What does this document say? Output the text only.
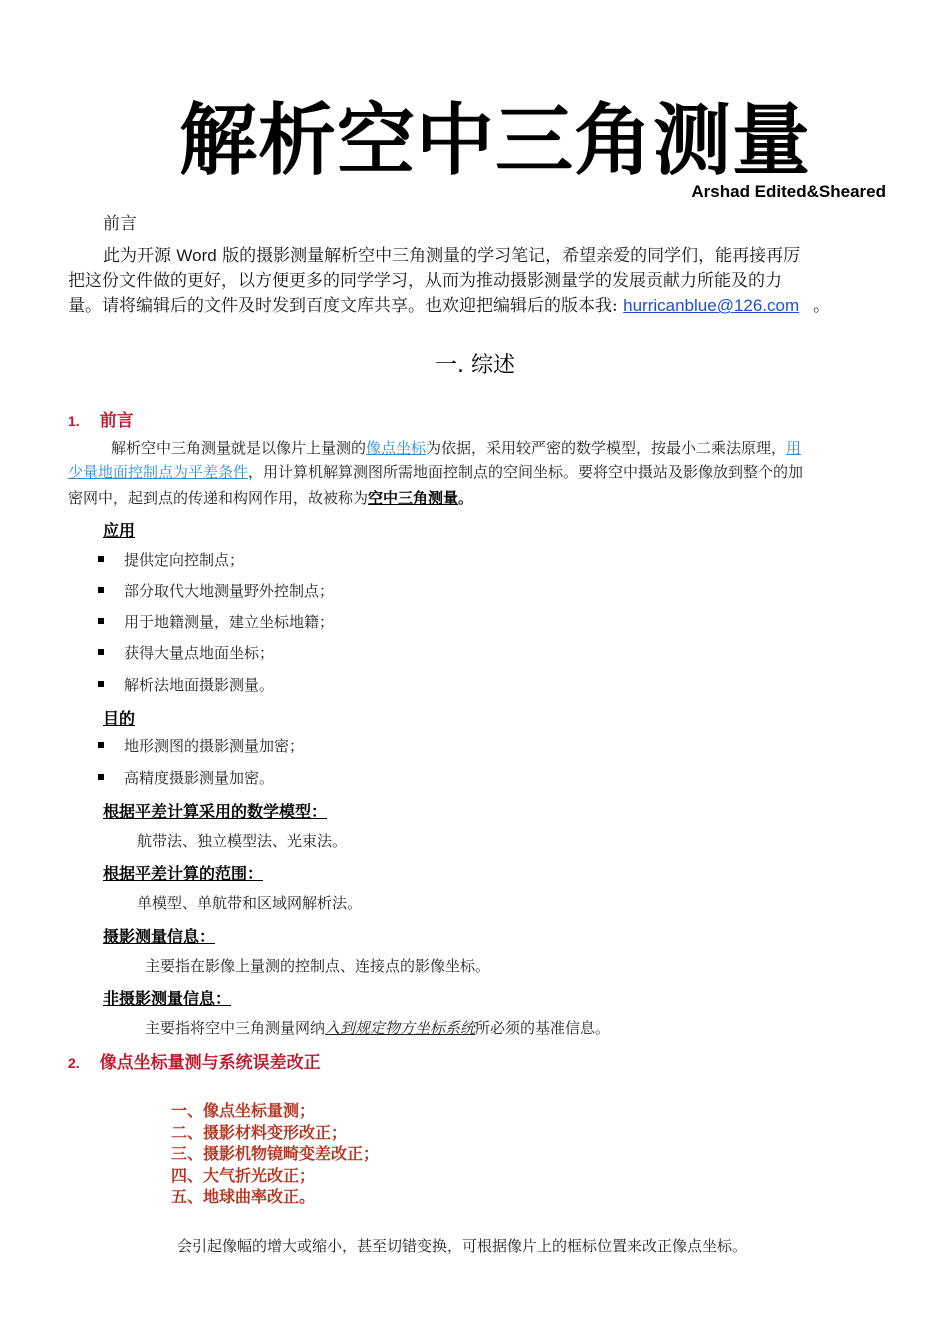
解析空中三角测量
Arshad Edited&Sheared
前言
此为开源 Word 版的摄影测量解析空中三角测量的学习笔记，希望亲爱的同学们，能再接再厉
把这份文件做的更好，以方便更多的同学学习，从而为推动摄影测量学的发展贡献力所能及的力
量。请将编辑后的文件及时发到百度文库共享。也欢迎把编辑后的版本我: hurricanblue@126.com 。
一. 综述
1. 前言
解析空中三角测量就是以像片上量测的像点坐标为依据，采用较严密的数学模型，按最小二乘法原理，用
少量地面控制点为平差条件，用计算机解算测图所需地面控制点的空间坐标。要将空中摄站及影像放到整个的加
密网中，起到点的传递和构网作用，故被称为空中三角测量。
应用
提供定向控制点；
部分取代大地测量野外控制点；
用于地籍测量，建立坐标地籍；
获得大量点地面坐标；
解析法地面摄影测量。
目的
地形测图的摄影测量加密；
高精度摄影测量加密。
根据平差计算采用的数学模型：
航带法、独立模型法、光束法。
根据平差计算的范围：
单模型、单航带和区域网解析法。
摄影测量信息：
主要指在影像上量测的控制点、连接点的影像坐标。
非摄影测量信息：
主要指将空中三角测量网纳入到规定物方坐标系统所必须的基准信息。
2. 像点坐标量测与系统误差改正
一、像点坐标量测；
二、摄影材料变形改正；
三、摄影机物镜畸变差改正；
四、大气折光改正；
五、地球曲率改正。
会引起像幅的增大或缩小，甚至切错变换，可根据像片上的框标位置来改正像点坐标。
